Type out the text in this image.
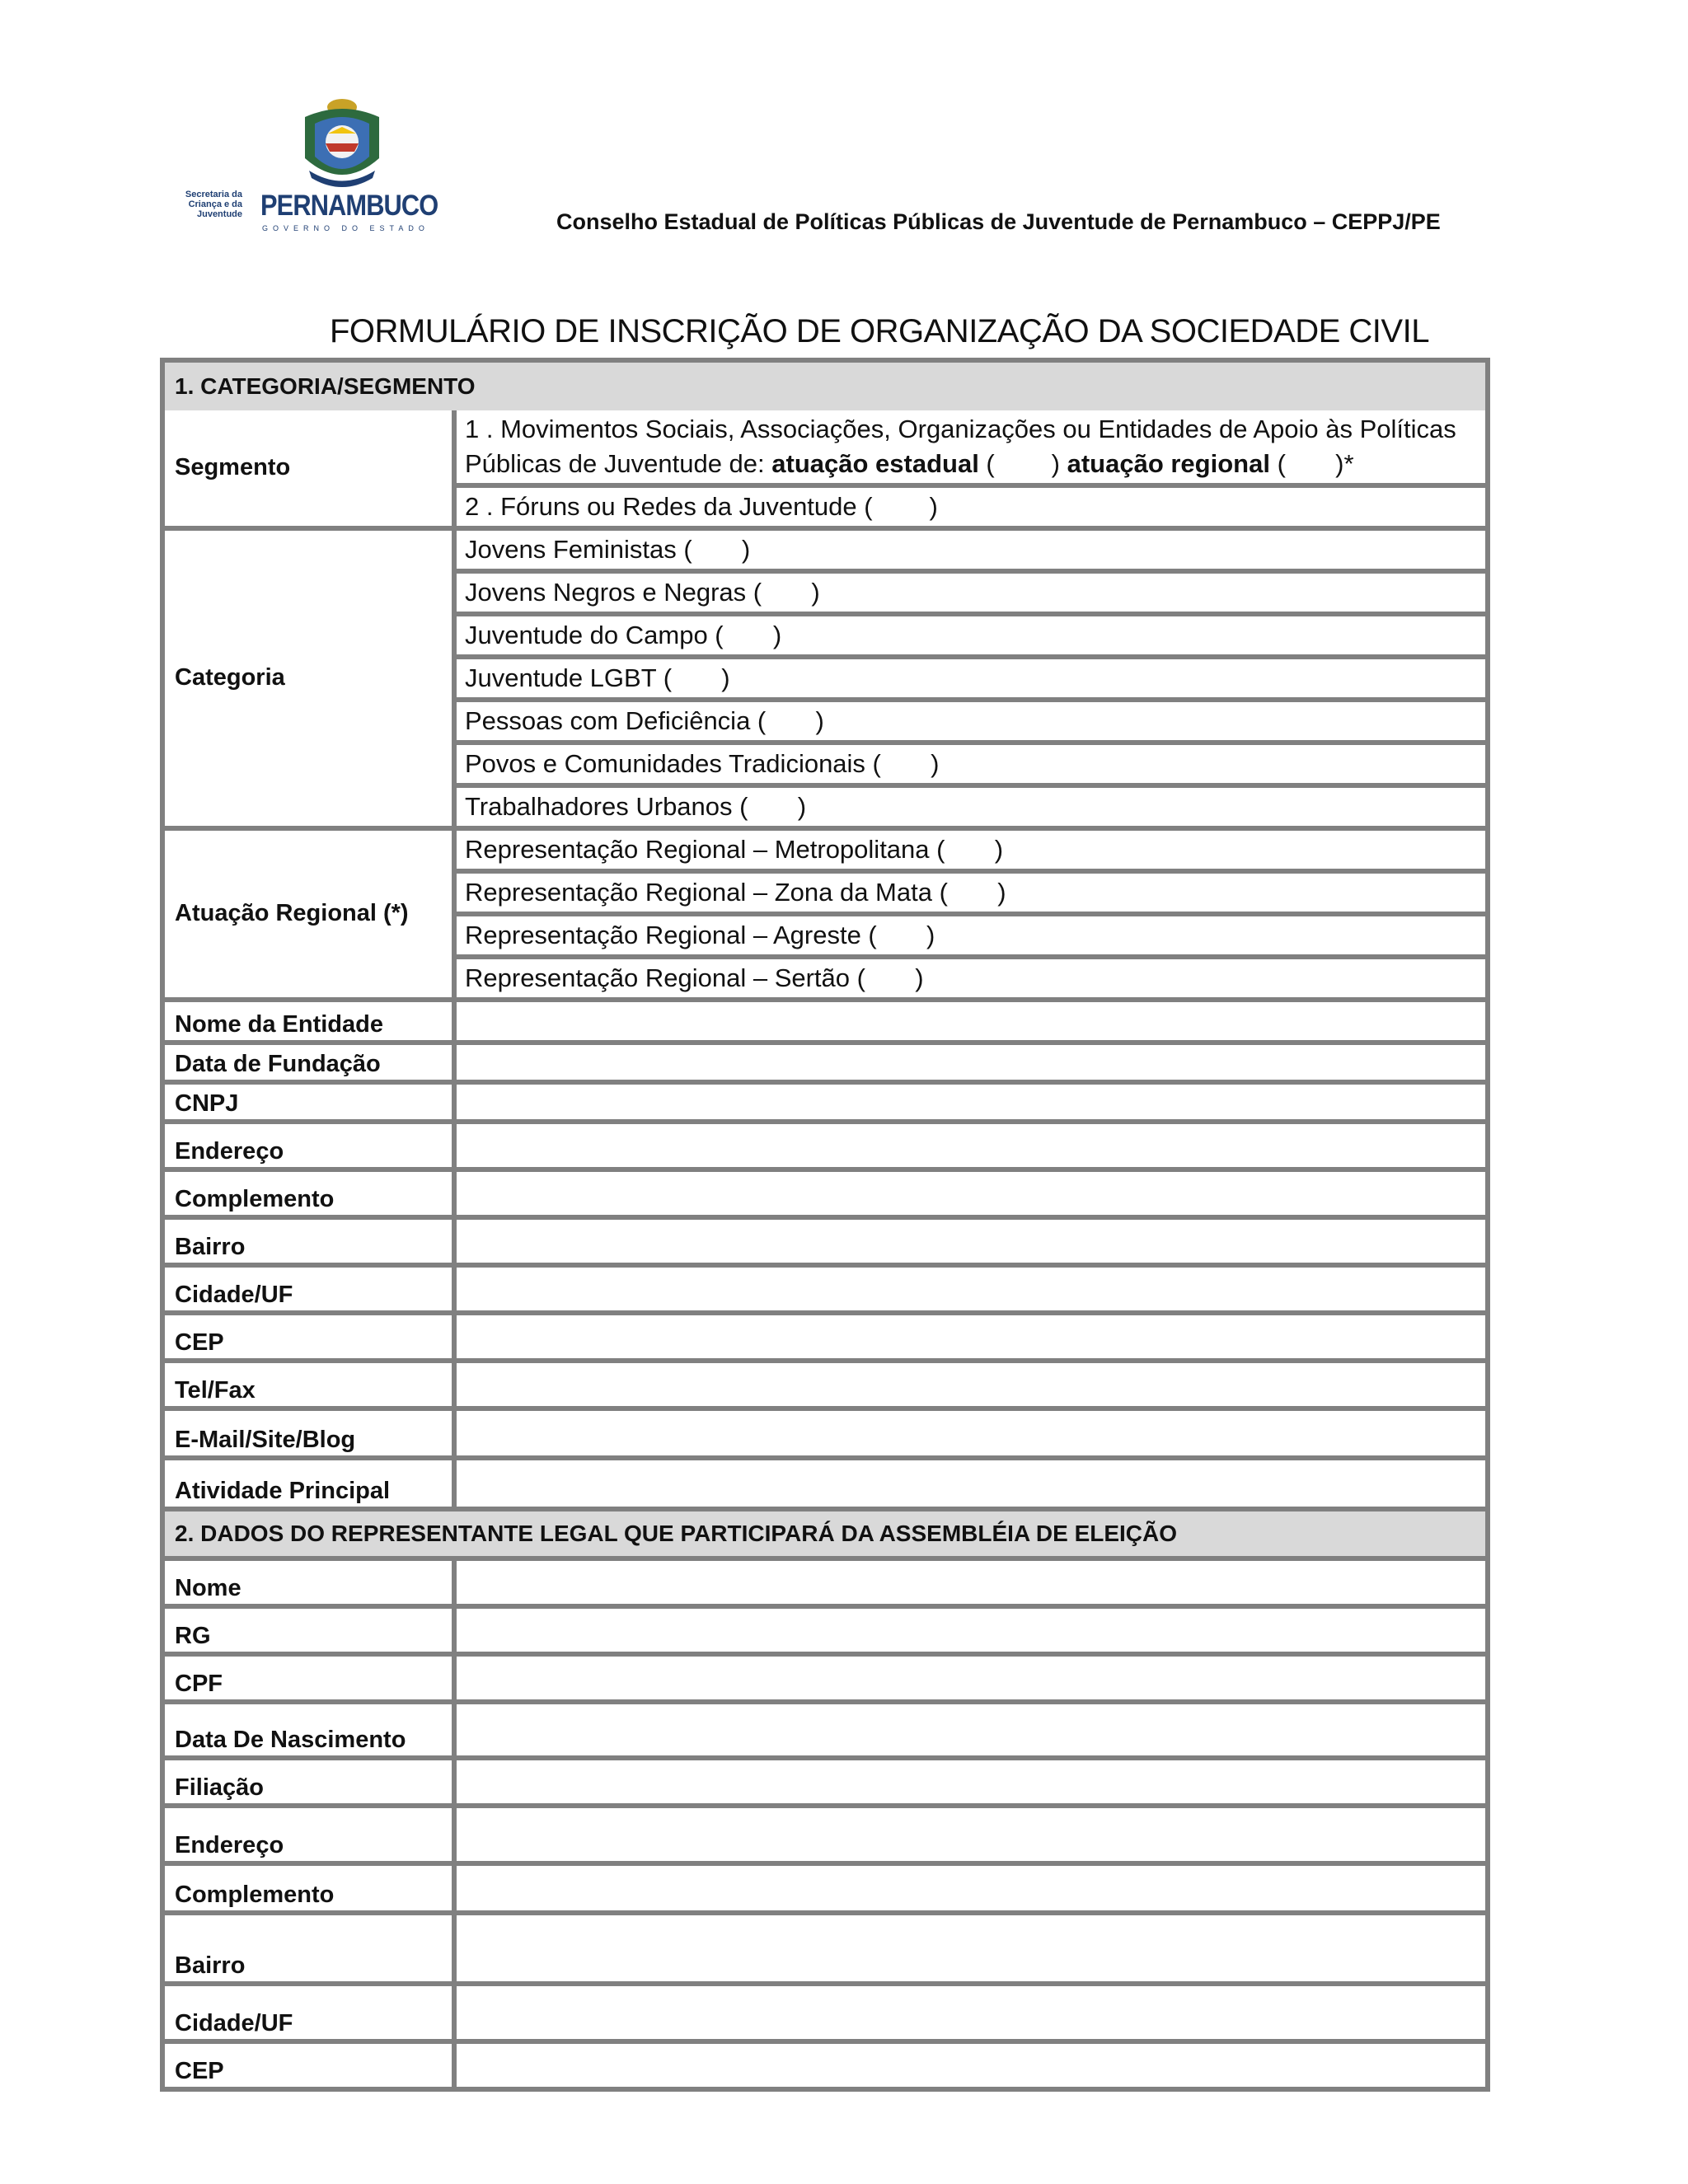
Secretaria da
Criança e da
Juventude PERNAMBUCO
GOVERNO DO ESTADO	Conselho Estadual de Políticas Públicas de Juventude de Pernambuco – CEPPJ/PE
FORMULÁRIO DE INSCRIÇÃO DE ORGANIZAÇÃO DA SOCIEDADE CIVIL
1. CATEGORIA/SEGMENTO
Segmento
1 . Movimentos Sociais, Associações, Organizações ou Entidades de Apoio às Políticas
Públicas de Juventude de: atuação estadual (        ) atuação regional (       )*
2 . Fóruns ou Redes da Juventude (        )
Categoria
Jovens Feministas (       )
Jovens Negros e Negras (       )
Juventude do Campo (       )
Juventude LGBT (       )
Pessoas com Deficiência (       )
Povos e Comunidades Tradicionais (       )
Trabalhadores Urbanos (       )
Atuação Regional (*)
Representação Regional – Metropolitana (       )
Representação Regional – Zona da Mata (       )
Representação Regional – Agreste (       )
Representação Regional – Sertão (       )
Nome da Entidade
Data de Fundação
CNPJ
Endereço
Complemento
Bairro
Cidade/UF
CEP
Tel/Fax
E-Mail/Site/Blog
Atividade Principal
2. DADOS DO REPRESENTANTE LEGAL QUE PARTICIPARÁ DA ASSEMBLÉIA DE ELEIÇÃO
Nome
RG
CPF
Data De Nascimento
Filiação
Endereço
Complemento
Bairro
Cidade/UF
CEP
